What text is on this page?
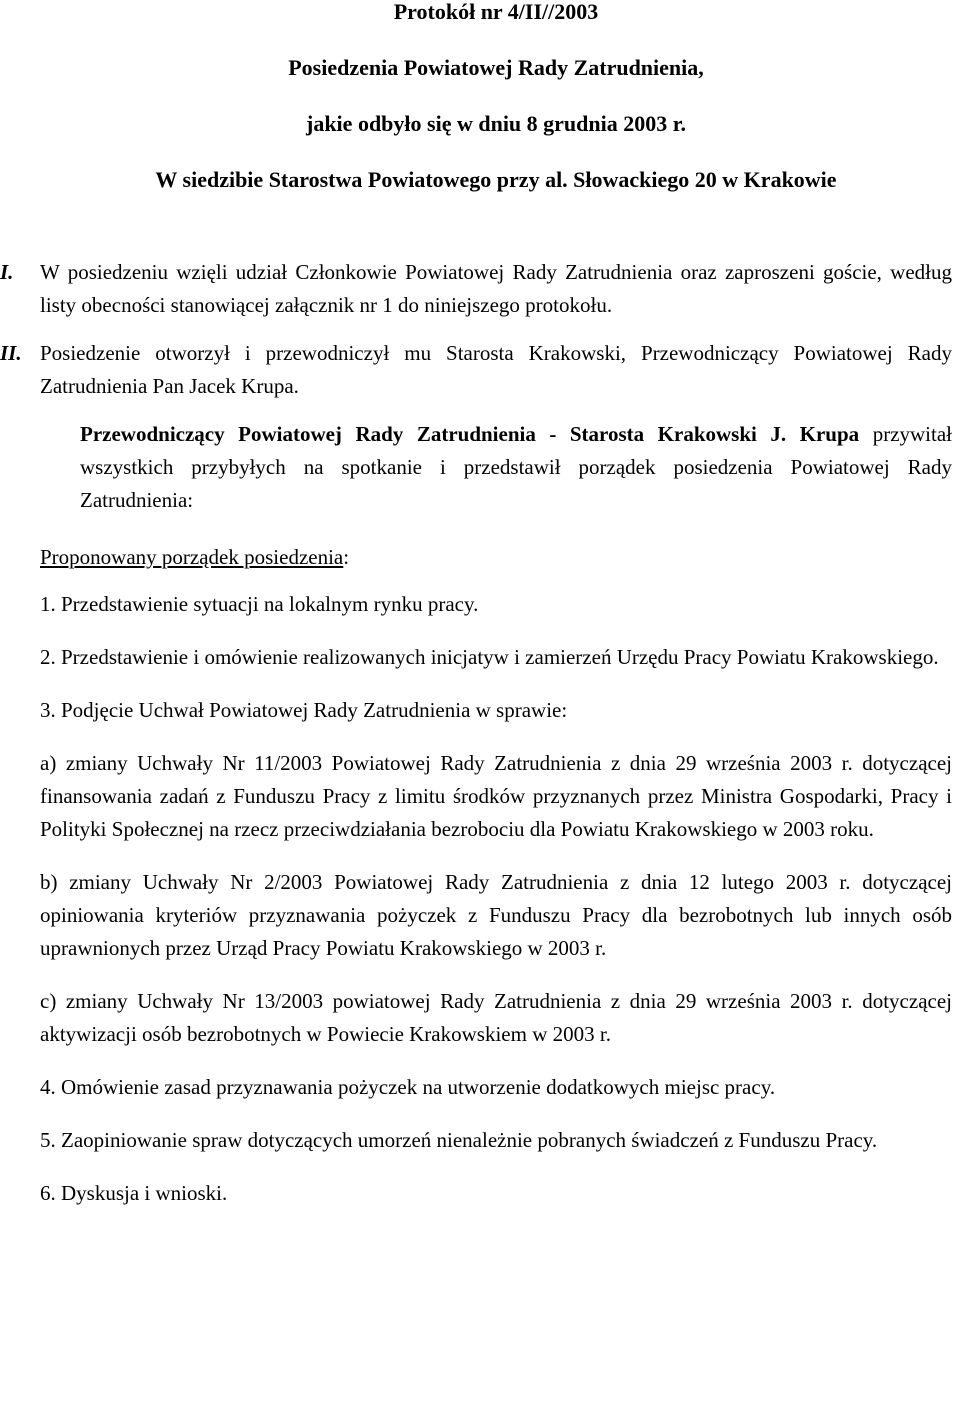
Protokół nr 4/II//2003

Posiedzenia Powiatowej Rady Zatrudnienia,

jakie odbyło się w dniu 8 grudnia 2003 r.

W siedzibie Starostwa Powiatowego przy al. Słowackiego 20 w Krakowie

I. W posiedzeniu wzięli udział Członkowie Powiatowej Rady Zatrudnienia oraz zaproszeni goście, według listy obecności stanowiącej załącznik nr 1 do niniejszego protokołu.
II. Posiedzenie otworzył i przewodniczył mu Starosta Krakowski, Przewodniczący Powiatowej Rady Zatrudnienia Pan Jacek Krupa.
Przewodniczący Powiatowej Rady Zatrudnienia - Starosta Krakowski J. Krupa przywitał wszystkich przybyłych na spotkanie i przedstawił porządek posiedzenia Powiatowej Rady Zatrudnienia:

Proponowany porządek posiedzenia:

1. Przedstawienie sytuacji na lokalnym rynku pracy.

2. Przedstawienie i omówienie realizowanych inicjatyw i zamierzeń Urzędu Pracy Powiatu Krakowskiego.

3. Podjęcie Uchwał Powiatowej Rady Zatrudnienia w sprawie:

a) zmiany Uchwały Nr 11/2003 Powiatowej Rady Zatrudnienia z dnia 29 września 2003 r. dotyczącej finansowania zadań z Funduszu Pracy z limitu środków przyznanych przez Ministra Gospodarki, Pracy i Polityki Społecznej na rzecz przeciwdziałania bezrobociu dla Powiatu Krakowskiego w 2003 roku.

b) zmiany Uchwały Nr 2/2003 Powiatowej Rady Zatrudnienia z dnia 12 lutego 2003 r. dotyczącej opiniowania kryteriów przyznawania pożyczek z Funduszu Pracy dla bezrobotnych lub innych osób uprawnionych przez Urząd Pracy Powiatu Krakowskiego w 2003 r.

c) zmiany Uchwały Nr 13/2003 powiatowej Rady Zatrudnienia z dnia 29 września 2003 r. dotyczącej aktywizacji osób bezrobotnych w Powiecie Krakowskiem w 2003 r.

4. Omówienie zasad przyznawania pożyczek na utworzenie dodatkowych miejsc pracy.

5. Zaopiniowanie spraw dotyczących umorzeń nienależnie pobranych świadczeń z Funduszu Pracy.

6. Dyskusja i wnioski.
